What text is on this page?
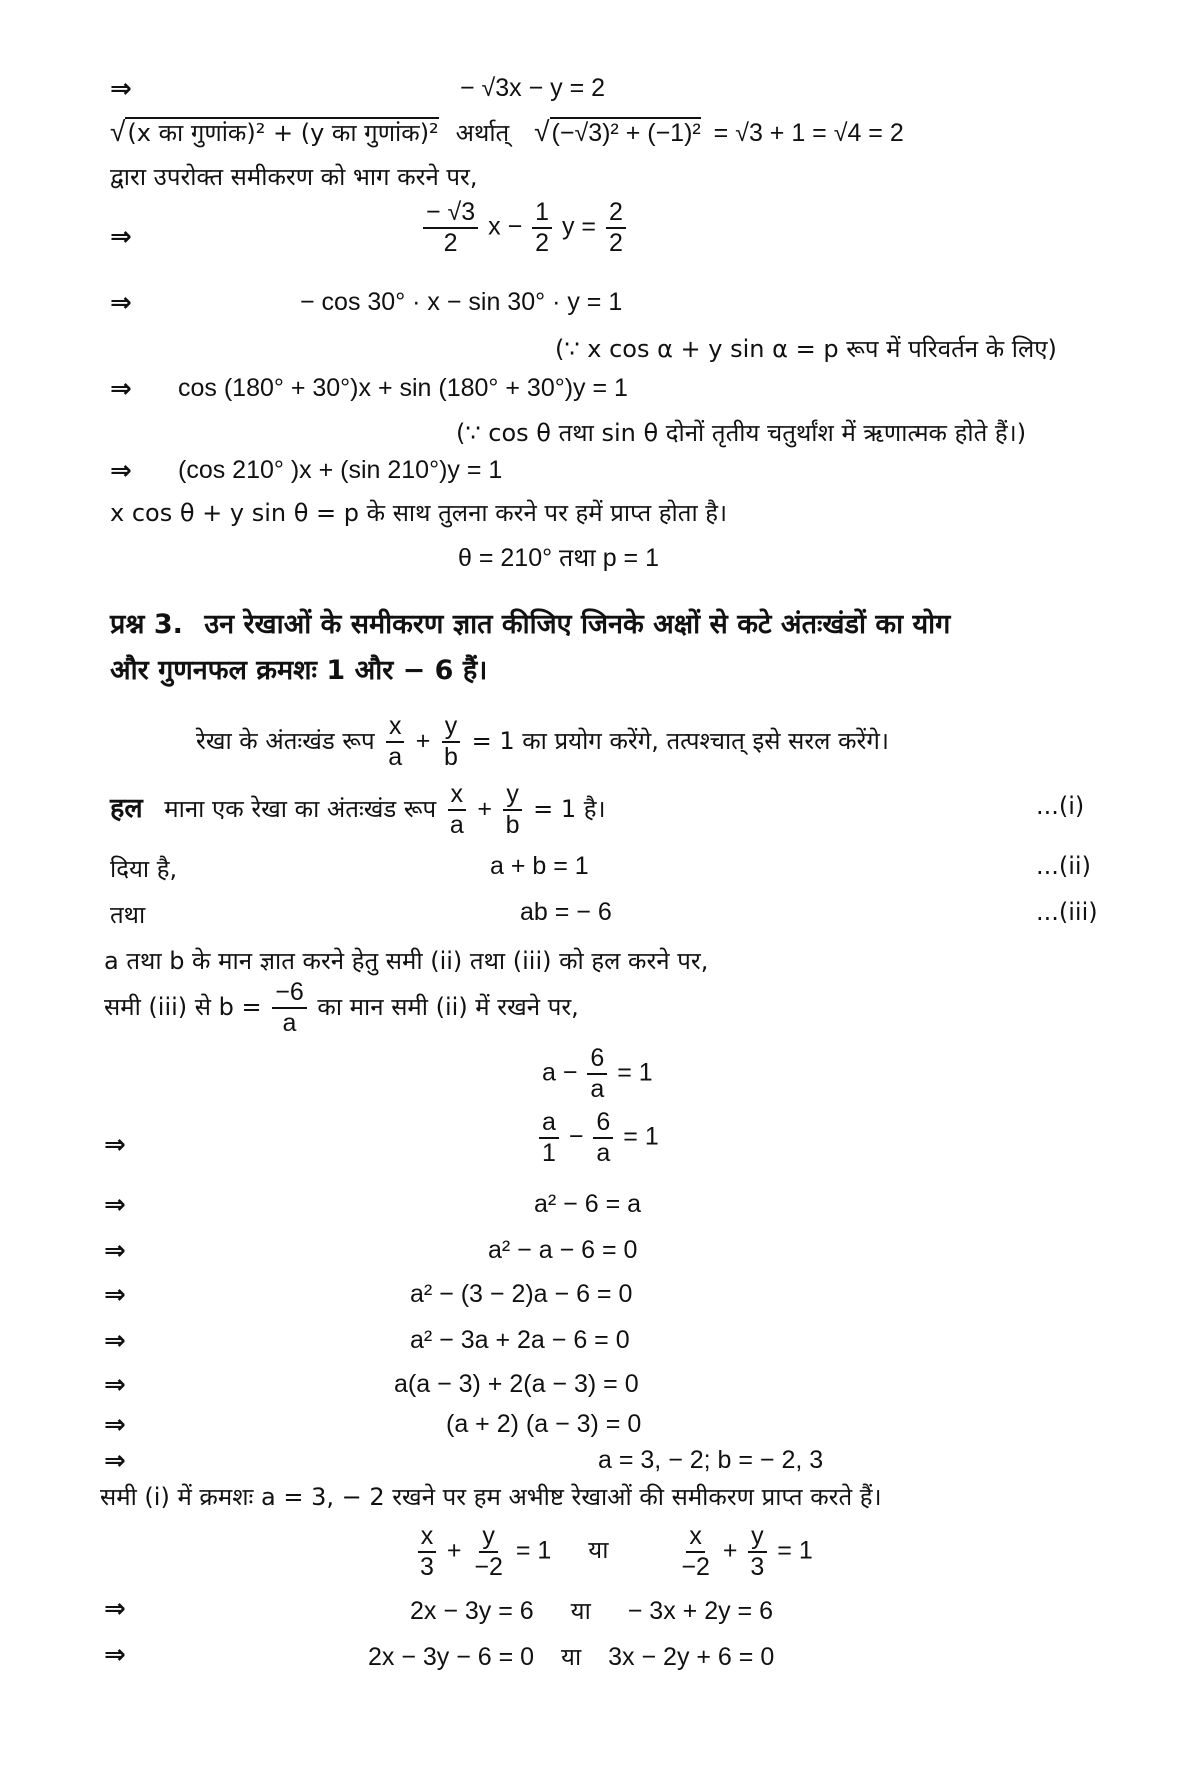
⇒	− √3x − y = 2
√(x का गुणांक)² + (y का गुणांक)² अर्थात् √(−√3)² + (−1)² = √3 + 1 = √4 = 2
द्वारा उपरोक्त समीकरण को भाग करने पर,
⇒	$\frac{- √3}{2}$ $x - \frac{1}{2}$ $y = \frac{2}{2}$
⇒	− cos 30° · x − sin 30° · y = 1
(∵ x cos α + y sin α = p रूप में परिवर्तन के लिए)
⇒ cos (180° + 30°)x + sin (180° + 30°)y = 1
(∵ cos θ तथा sin θ दोनों तृतीय चतुर्थांश में ऋणात्मक होते हैं।)
⇒ (cos 210° )x + (sin 210°)y = 1
x cos θ + y sin θ = p के साथ तुलना करने पर हमें प्राप्त होता है।
θ = 210° तथा p = 1
प्रश्न 3. उन रेखाओं के समीकरण ज्ञात कीजिए जिनके अक्षों से कटे अंतःखंडों का योग
और गुणनफल क्रमशः 1 और − 6 हैं।
रेखा के अंतःखंड रूप $\frac{x}{a} + \frac{y}{b} = 1$ का प्रयोग करेंगे, तत्पश्चात् इसे सरल करेंगे।
हल माना एक रेखा का अंतःखंड रूप $\frac{x}{a} + \frac{y}{b} = 1$ है।	...(i)
दिया है,	a + b = 1	...(ii)
तथा	ab = − 6	...(iii)
a तथा b के मान ज्ञात करने हेतु समी (ii) तथा (iii) को हल करने पर,
समी (iii) से $b = \frac{-6}{a}$ का मान समी (ii) में रखने पर,
$a - \frac{6}{a} = 1$
⇒	$\frac{a}{1} - \frac{6}{a} = 1$
⇒	a² − 6 = a
⇒	a² − a − 6 = 0
⇒	a² − (3 − 2)a − 6 = 0
⇒	a² − 3a + 2a − 6 = 0
⇒	a(a − 3) + 2(a − 3) = 0
⇒	(a + 2) (a − 3) = 0
⇒	a = 3, − 2; b = − 2, 3
समी (i) में क्रमशः a = 3, − 2 रखने पर हम अभीष्ट रेखाओं की समीकरण प्राप्त करते हैं।
$\frac{x}{3} + \frac{y}{-2} = 1$ या	$\frac{x}{-2} + \frac{y}{3} = 1$
⇒	2x − 3y = 6 या − 3x + 2y = 6
⇒	2x − 3y − 6 = 0 या 3x − 2y + 6 = 0
